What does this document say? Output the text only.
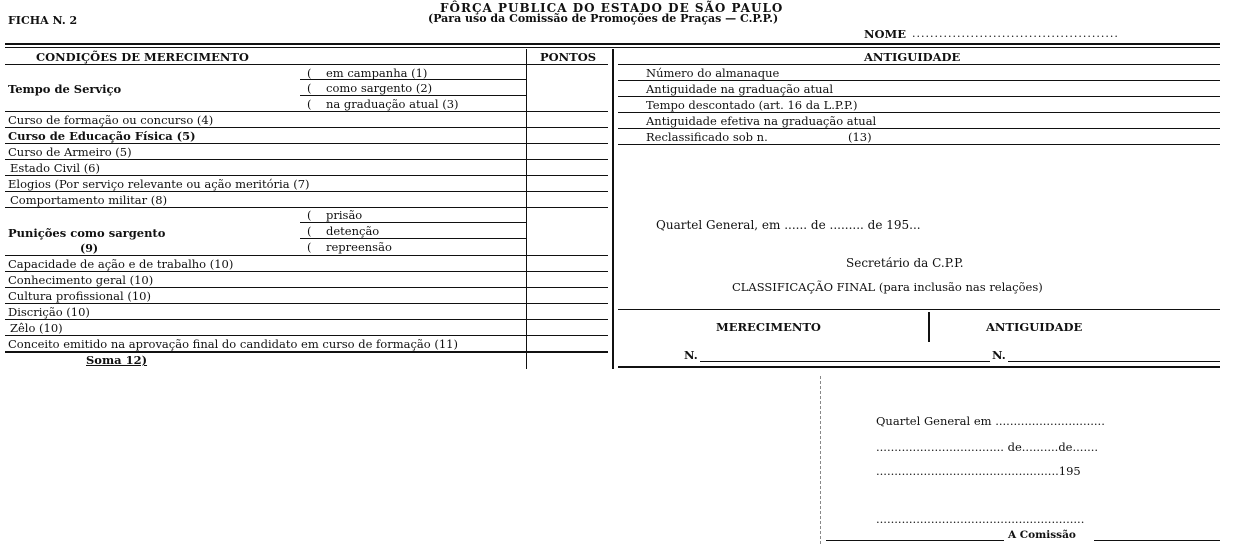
FICHA N. 2
FÔRÇA PUBLICA DO ESTADO DE SÃO PAULO
(Para uso da Comissão de Promoções de Praças — C.P.P.)
NOME ..............................................
CONDIÇÕES DE MERECIMENTO	PONTOS
Tempo de Serviço
( em campanha (1)
( como sargento (2)
( na graduação atual (3)
Curso de formação ou concurso (4)
Curso de Educação Física (5)
Curso de Armeiro (5)
Estado Civil (6)
Elogios (Por serviço relevante ou ação meritória (7)
Comportamento militar (8)
( prisão
Punições como sargento	( detenção
( repreensão
(9)
Capacidade de ação e de trabalho (10)
Conhecimento geral (10)
Cultura profissional (10)
Discrição (10)
Zêlo (10)
Conceito emitido na aprovação final do candidato em curso de formação (11)
Soma 12)
ANTIGUIDADE
Número do almanaque
Antiguidade na graduação atual
Tempo descontado (art. 16 da L.P.P.)
Antiguidade efetiva na graduação atual
Reclassificado sob n.	(13)
Quartel General, em ...... de ......... de 195...
Secretário da C.P.P.
CLASSIFICAÇÃO FINAL (para inclusão nas relações)
MERECIMENTO	ANTIGUIDADE
N.	N.
Quartel General em ..............................
................................... de..........de.......
..................................................195
.........................................................
A Comissão
